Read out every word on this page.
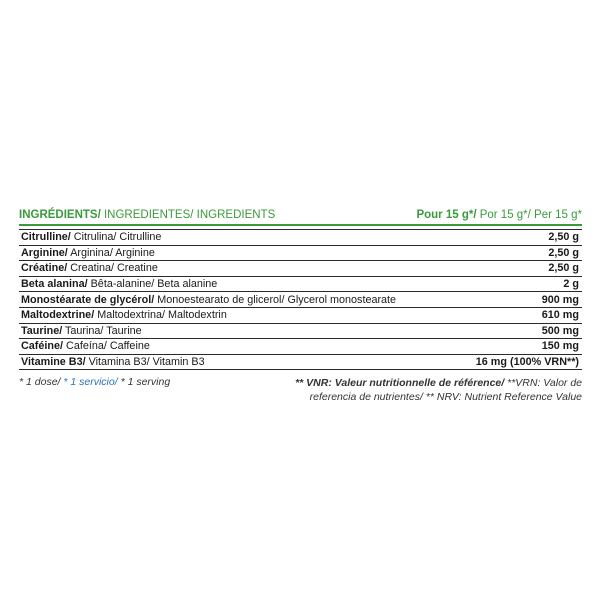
INGRÉDIENTS/ INGREDIENTES/ INGREDIENTS	Pour 15 g*/ Por 15 g*/ Per 15 g*
Citrulline/ Citrulina/ Citrulline	2,50 g
Arginine/ Arginina/ Arginine	2,50 g
Créatine/ Creatina/ Creatine	2,50 g
Beta alanina/ Bêta-alanine/ Beta alanine	2 g
Monostéarate de glycérol/ Monoestearato de glicerol/ Glycerol monostearate	900 mg
Maltodextrine/ Maltodextrina/ Maltodextrin	610 mg
Taurine/ Taurina/ Taurine	500 mg
Caféine/ Cafeína/ Caffeine	150 mg
Vitamine B3/ Vitamina B3/ Vitamin B3	16 mg (100% VRN**)
* 1 dose/ * 1 servicio/ * 1 serving	** VNR: Valeur nutritionnelle de référence/ **VRN: Valor de referencia de nutrientes/ ** NRV: Nutrient Reference Value
